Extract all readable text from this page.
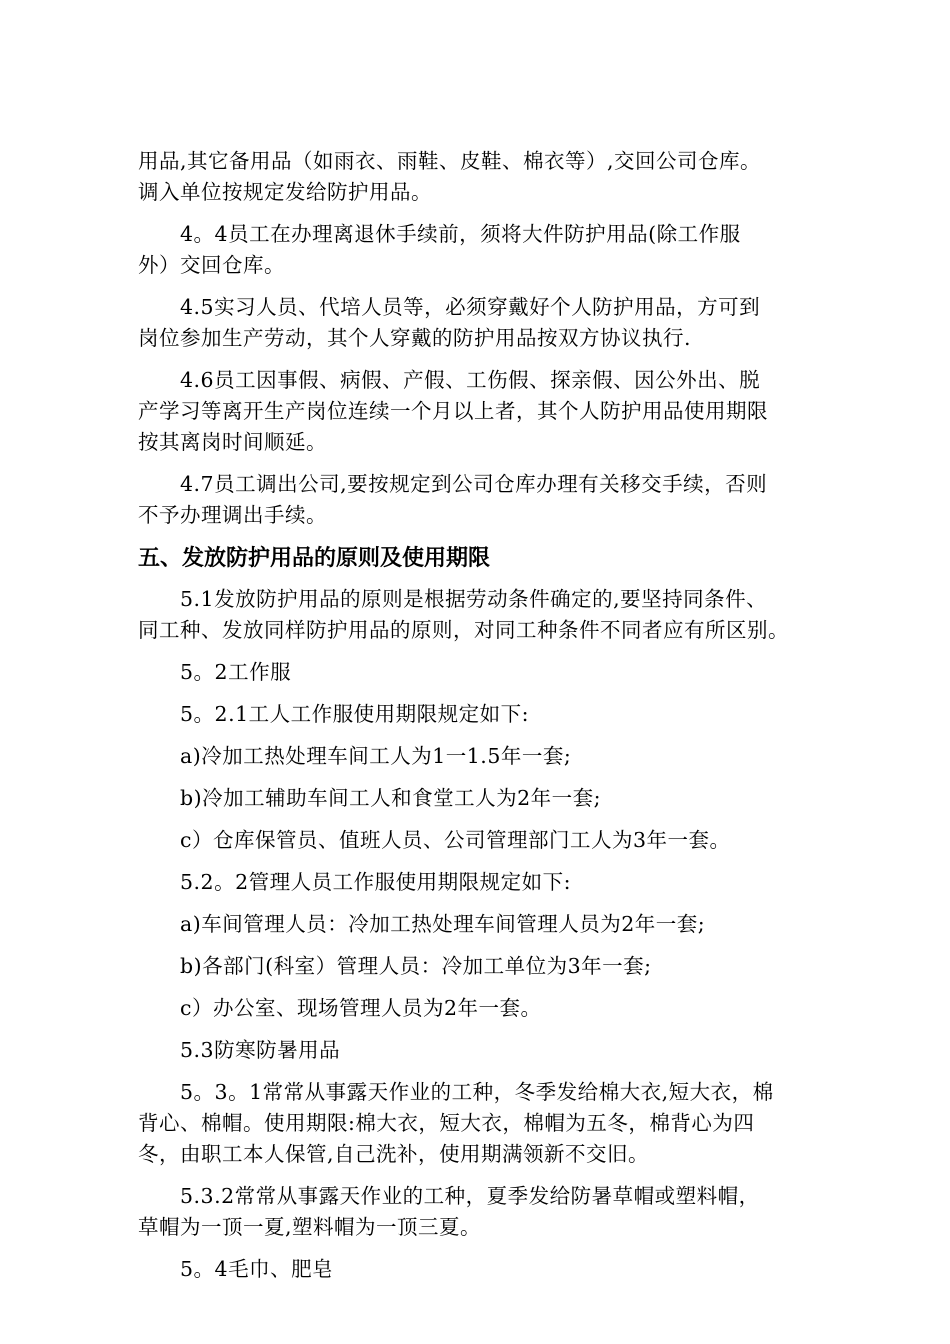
用品,其它备用品（如雨衣、雨鞋、皮鞋、棉衣等）,交回公司仓库。
调入单位按规定发给防护用品。
4。4员工在办理离退休手续前，须将大件防护用品(除工作服
外）交回仓库。
4.5实习人员、代培人员等，必须穿戴好个人防护用品，方可到
岗位参加生产劳动，其个人穿戴的防护用品按双方协议执行.
4.6员工因事假、病假、产假、工伤假、探亲假、因公外出、脱
产学习等离开生产岗位连续一个月以上者，其个人防护用品使用期限
按其离岗时间顺延。
4.7员工调出公司,要按规定到公司仓库办理有关移交手续，否则
不予办理调出手续。
五、发放防护用品的原则及使用期限
5.1发放防护用品的原则是根据劳动条件确定的,要坚持同条件、
同工种、发放同样防护用品的原则，对同工种条件不同者应有所区别。
5。2工作服
5。2.1工人工作服使用期限规定如下:
a)冷加工热处理车间工人为1一1.5年一套;
b)冷加工辅助车间工人和食堂工人为2年一套;
c）仓库保管员、值班人员、公司管理部门工人为3年一套。
5.2。2管理人员工作服使用期限规定如下:
a)车间管理人员：冷加工热处理车间管理人员为2年一套;
b)各部门(科室）管理人员：冷加工单位为3年一套;
c）办公室、现场管理人员为2年一套。
5.3防寒防暑用品
5。3。1常常从事露天作业的工种，冬季发给棉大衣,短大衣，棉
背心、棉帽。使用期限:棉大衣，短大衣，棉帽为五冬，棉背心为四
冬，由职工本人保管,自己洗补，使用期满领新不交旧。
5.3.2常常从事露天作业的工种，夏季发给防暑草帽或塑料帽，
草帽为一顶一夏,塑料帽为一顶三夏。
5。4毛巾、肥皂
